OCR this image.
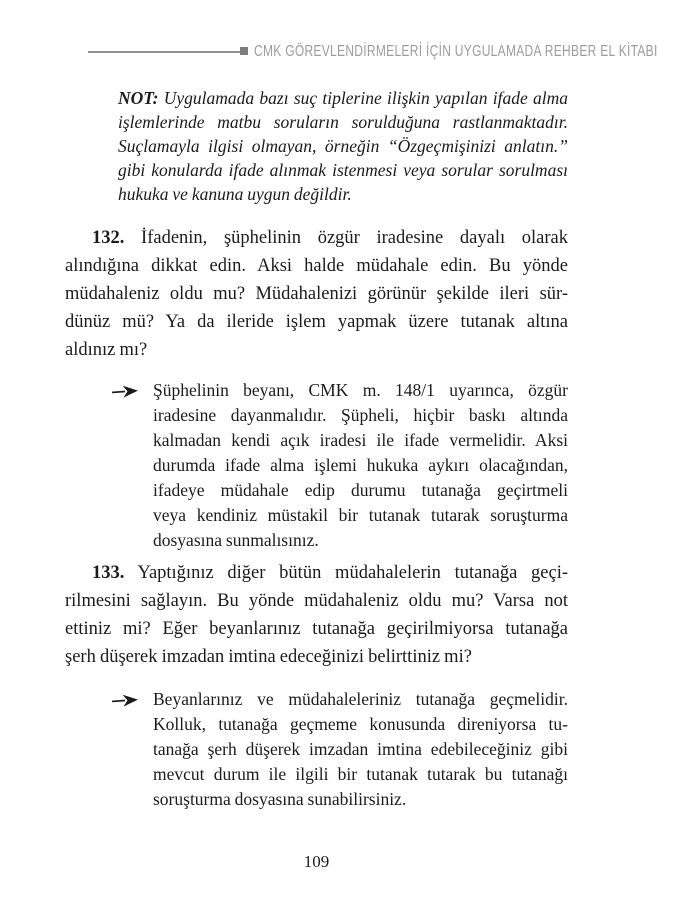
CMK GÖREVLENDİRMELERİ İÇİN UYGULAMADA REHBER EL KİTABI
NOT: Uygulamada bazı suç tiplerine ilişkin yapılan ifade alma
işlemlerinde matbu soruların sorulduğuna rastlanmaktadır.
Suçlamayla ilgisi olmayan, örneğin “Özgeçmişinizi anlatın.”
gibi konularda ifade alınmak istenmesi veya sorular sorulması
hukuka ve kanuna uygun değildir.
132. İfadenin, şüphelinin özgür iradesine dayalı olarak
alındığına dikkat edin. Aksi halde müdahale edin. Bu yönde
müdahaleniz oldu mu? Müdahalenizi görünür şekilde ileri sür-
dünüz mü? Ya da ileride işlem yapmak üzere tutanak altına
aldınız mı?
Şüphelinin beyanı, CMK m. 148/1 uyarınca, özgür
iradesine dayanmalıdır. Şüpheli, hiçbir baskı altında
kalmadan kendi açık iradesi ile ifade vermelidir. Aksi
durumda ifade alma işlemi hukuka aykırı olacağından,
ifadeye müdahale edip durumu tutanağa geçirtmeli
veya kendiniz müstakil bir tutanak tutarak soruşturma
dosyasına sunmalısınız.
133. Yaptığınız diğer bütün müdahalelerin tutanağa geçi-
rilmesini sağlayın. Bu yönde müdahaleniz oldu mu? Varsa not
ettiniz mi? Eğer beyanlarınız tutanağa geçirilmiyorsa tutanağa
şerh düşerek imzadan imtina edeceğinizi belirttiniz mi?
Beyanlarınız ve müdahaleleriniz tutanağa geçmelidir.
Kolluk, tutanağa geçmeme konusunda direniyorsa tu-
tanağa şerh düşerek imzadan imtina edebileceğiniz gibi
mevcut durum ile ilgili bir tutanak tutarak bu tutanağı
soruşturma dosyasına sunabilirsiniz.
109
